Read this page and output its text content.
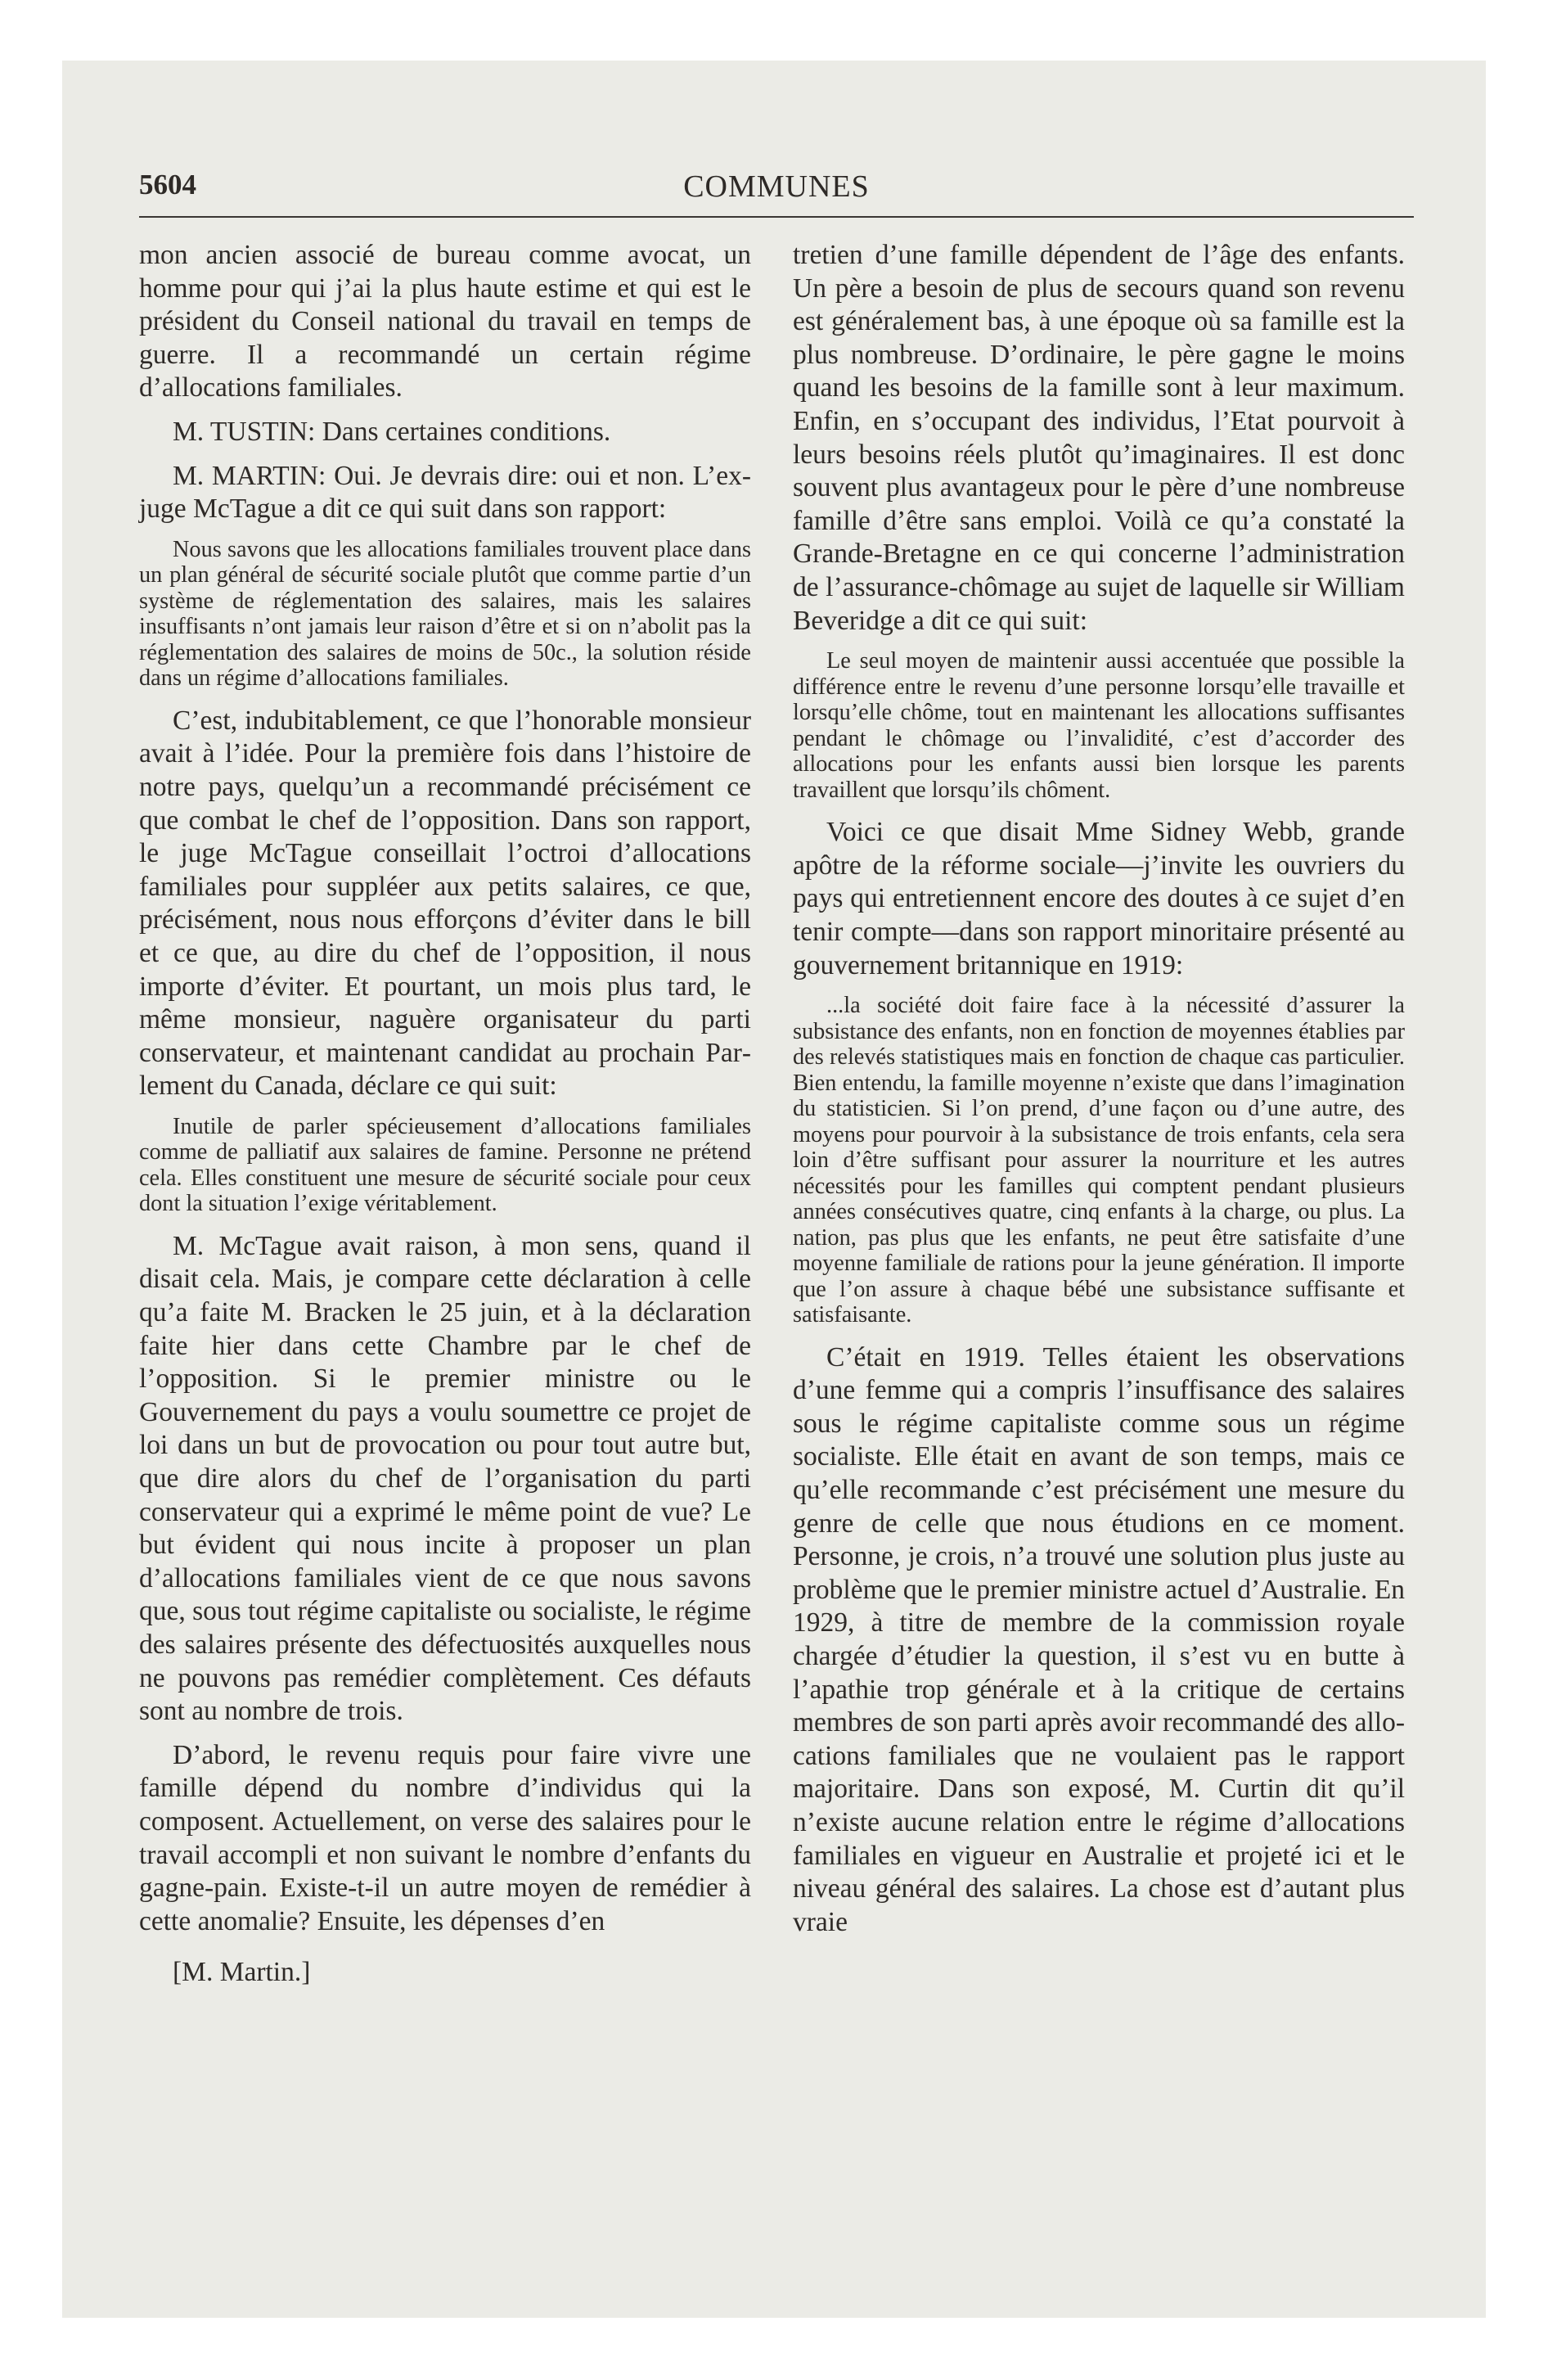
5604	COMMUNES

mon ancien associé de bureau comme avocat, un homme pour qui j’ai la plus haute estime et qui est le président du Conseil national du travail en temps de guerre. Il a recommandé un certain régime d’allocations familiales.

M. TUSTIN: Dans certaines conditions.

M. MARTIN: Oui. Je devrais dire: oui et non. L’ex-juge McTague a dit ce qui suit dans son rapport:

Nous savons que les allocations familiales trouvent place dans un plan général de sécurité sociale plutôt que comme partie d’un système de réglementation des salaires, mais les salaires insuffisants n’ont jamais leur raison d’être et si on n’abolit pas la réglementation des salaires de moins de 50c., la solution réside dans un régime d’allocations familiales.

C’est, indubitablement, ce que l’honorable monsieur avait à l’idée. Pour la première fois dans l’histoire de notre pays, quelqu’un a recommandé précisément ce que combat le chef de l’opposition. Dans son rapport, le juge McTague conseillait l’octroi d’allocations familiales pour suppléer aux petits salaires, ce que, précisément, nous nous efforçons d’éviter dans le bill et ce que, au dire du chef de l’opposition, il nous importe d’éviter. Et pourtant, un mois plus tard, le même monsieur, naguère organisateur du parti conservateur, et maintenant candidat au prochain Parlement du Canada, déclare ce qui suit:

Inutile de parler spécieusement d’allocations familiales comme de palliatif aux salaires de famine. Personne ne prétend cela. Elles constituent une mesure de sécurité sociale pour ceux dont la situation l’exige véritablement.

M. McTague avait raison, à mon sens, quand il disait cela. Mais, je compare cette déclaration à celle qu’a faite M. Bracken le 25 juin, et à la déclaration faite hier dans cette Chambre par le chef de l’opposition. Si le premier ministre ou le Gouvernement du pays a voulu soumettre ce projet de loi dans un but de provocation ou pour tout autre but, que dire alors du chef de l’organisation du parti conservateur qui a exprimé le même point de vue? Le but évident qui nous incite à proposer un plan d’allocations familiales vient de ce que nous savons que, sous tout régime capitaliste ou socialiste, le régime des salaires présente des défectuosités auxquelles nous ne pouvons pas remédier complètement. Ces défauts sont au nombre de trois.

D’abord, le revenu requis pour faire vivre une famille dépend du nombre d’individus qui la composent. Actuellement, on verse des salaires pour le travail accompli et non suivant le nombre d’enfants du gagne-pain. Existe-t-il un autre moyen de remédier à cette anomalie? Ensuite, les dépenses d’en

[M. Martin.]

tretien d’une famille dépendent de l’âge des enfants. Un père a besoin de plus de secours quand son revenu est généralement bas, à une époque où sa famille est la plus nombreuse. D’ordinaire, le père gagne le moins quand les besoins de la famille sont à leur maximum. Enfin, en s’occupant des individus, l’Etat pourvoit à leurs besoins réels plutôt qu’imaginaires. Il est donc souvent plus avantageux pour le père d’une nombreuse famille d’être sans emploi. Voilà ce qu’a constaté la Grande-Bretagne en ce qui concerne l’administration de l’assurance-chômage au sujet de laquelle sir William Beveridge a dit ce qui suit:

Le seul moyen de maintenir aussi accentuée que possible la différence entre le revenu d’une personne lorsqu’elle travaille et lorsqu’elle chôme, tout en maintenant les allocations suffisantes pendant le chômage ou l’invalidité, c’est d’accorder des allocations pour les enfants aussi bien lorsque les parents travaillent que lorsqu’ils chôment.

Voici ce que disait Mme Sidney Webb, grande apôtre de la réforme sociale—j’invite les ouvriers du pays qui entretiennent encore des doutes à ce sujet d’en tenir compte—dans son rapport minoritaire présenté au gouvernement britannique en 1919:

...la société doit faire face à la nécessité d’assurer la subsistance des enfants, non en fonction de moyennes établies par des relevés statistiques mais en fonction de chaque cas particulier. Bien entendu, la famille moyenne n’existe que dans l’imagination du statisticien. Si l’on prend, d’une façon ou d’une autre, des moyens pour pourvoir à la subsistance de trois enfants, cela sera loin d’être suffisant pour assurer la nourriture et les autres nécessités pour les familles qui comptent pendant plusieurs années consécutives quatre, cinq enfants à la charge, ou plus. La nation, pas plus que les enfants, ne peut être satisfaite d’une moyenne familiale de rations pour la jeune génération. Il importe que l’on assure à chaque bébé une subsistance suffisante et satisfaisante.

C’était en 1919. Telles étaient les observations d’une femme qui a compris l’insuffisance des salaires sous le régime capitaliste comme sous un régime socialiste. Elle était en avant de son temps, mais ce qu’elle recommande c’est précisément une mesure du genre de celle que nous étudions en ce moment. Personne, je crois, n’a trouvé une solution plus juste au problème que le premier ministre actuel d’Australie. En 1929, à titre de membre de la commission royale chargée d’étudier la question, il s’est vu en butte à l’apathie trop générale et à la critique de certains membres de son parti après avoir recommandé des allocations familiales que ne voulaient pas le rapport majoritaire. Dans son exposé, M. Curtin dit qu’il n’existe aucune relation entre le régime d’allocations familiales en vigueur en Australie et projeté ici et le niveau général des salaires. La chose est d’autant plus vraie
